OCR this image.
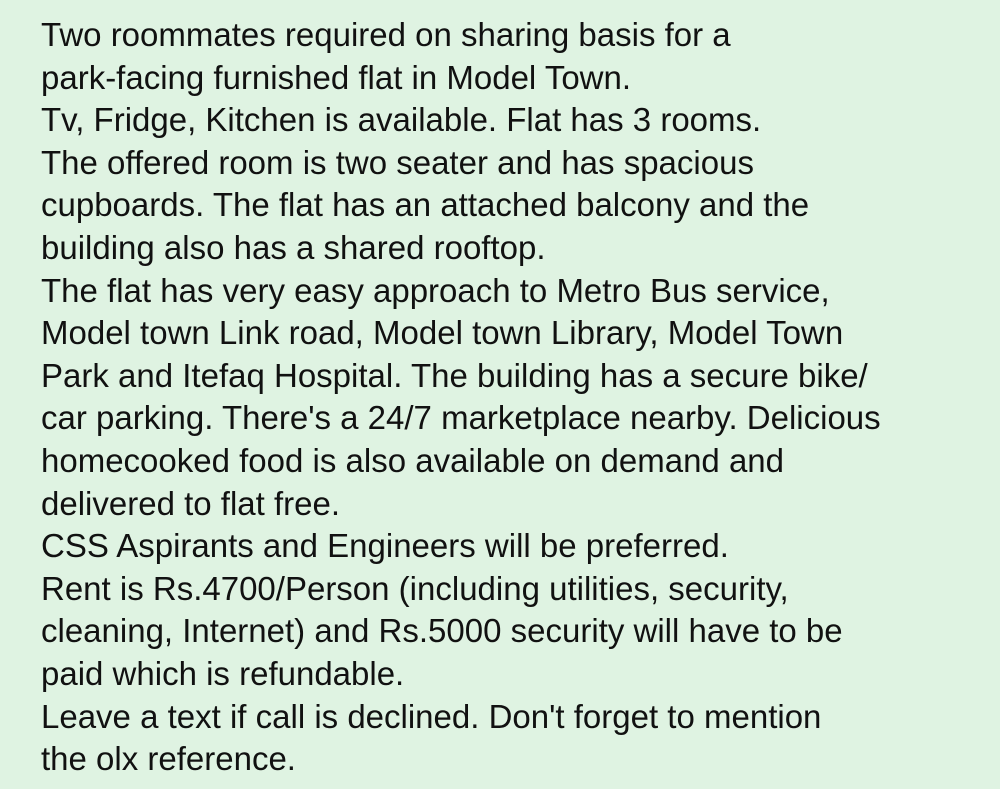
Two roommates required on sharing basis for a
park-facing furnished flat in Model Town.
Tv, Fridge, Kitchen is available. Flat has 3 rooms.
The offered room is two seater and has spacious
cupboards. The flat has an attached balcony and the
building also has a shared rooftop.
The flat has very easy approach to Metro Bus service,
Model town Link road, Model town Library, Model Town
Park and Itefaq Hospital. The building has a secure bike/
car parking. There's a 24/7 marketplace nearby. Delicious
homecooked food is also available on demand and
delivered to flat free.
CSS Aspirants and Engineers will be preferred.
Rent is Rs.4700/Person (including utilities, security,
cleaning, Internet) and Rs.5000 security will have to be
paid which is refundable.
Leave a text if call is declined. Don't forget to mention
the olx reference.
